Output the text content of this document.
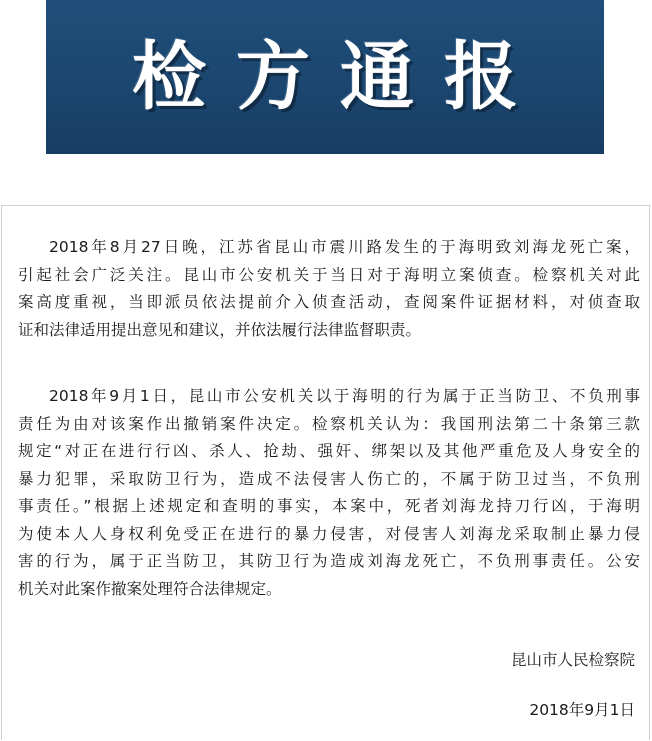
检方通报

2018年8月27日晚，江苏省昆山市震川路发生的于海明致刘海龙死亡案，
引起社会广泛关注。昆山市公安机关于当日对于海明立案侦查。检察机关对此
案高度重视，当即派员依法提前介入侦查活动，查阅案件证据材料，对侦查取
证和法律适用提出意见和建议，并依法履行法律监督职责。

2018年9月1日，昆山市公安机关以于海明的行为属于正当防卫、不负刑事
责任为由对该案作出撤销案件决定。检察机关认为：我国刑法第二十条第三款
规定“对正在进行行凶、杀人、抢劫、强奸、绑架以及其他严重危及人身安全的
暴力犯罪，采取防卫行为，造成不法侵害人伤亡的，不属于防卫过当，不负刑
事责任。”根据上述规定和查明的事实，本案中，死者刘海龙持刀行凶，于海明
为使本人人身权利免受正在进行的暴力侵害，对侵害人刘海龙采取制止暴力侵
害的行为，属于正当防卫，其防卫行为造成刘海龙死亡，不负刑事责任。公安
机关对此案作撤案处理符合法律规定。

昆山市人民检察院
2018年9月1日
